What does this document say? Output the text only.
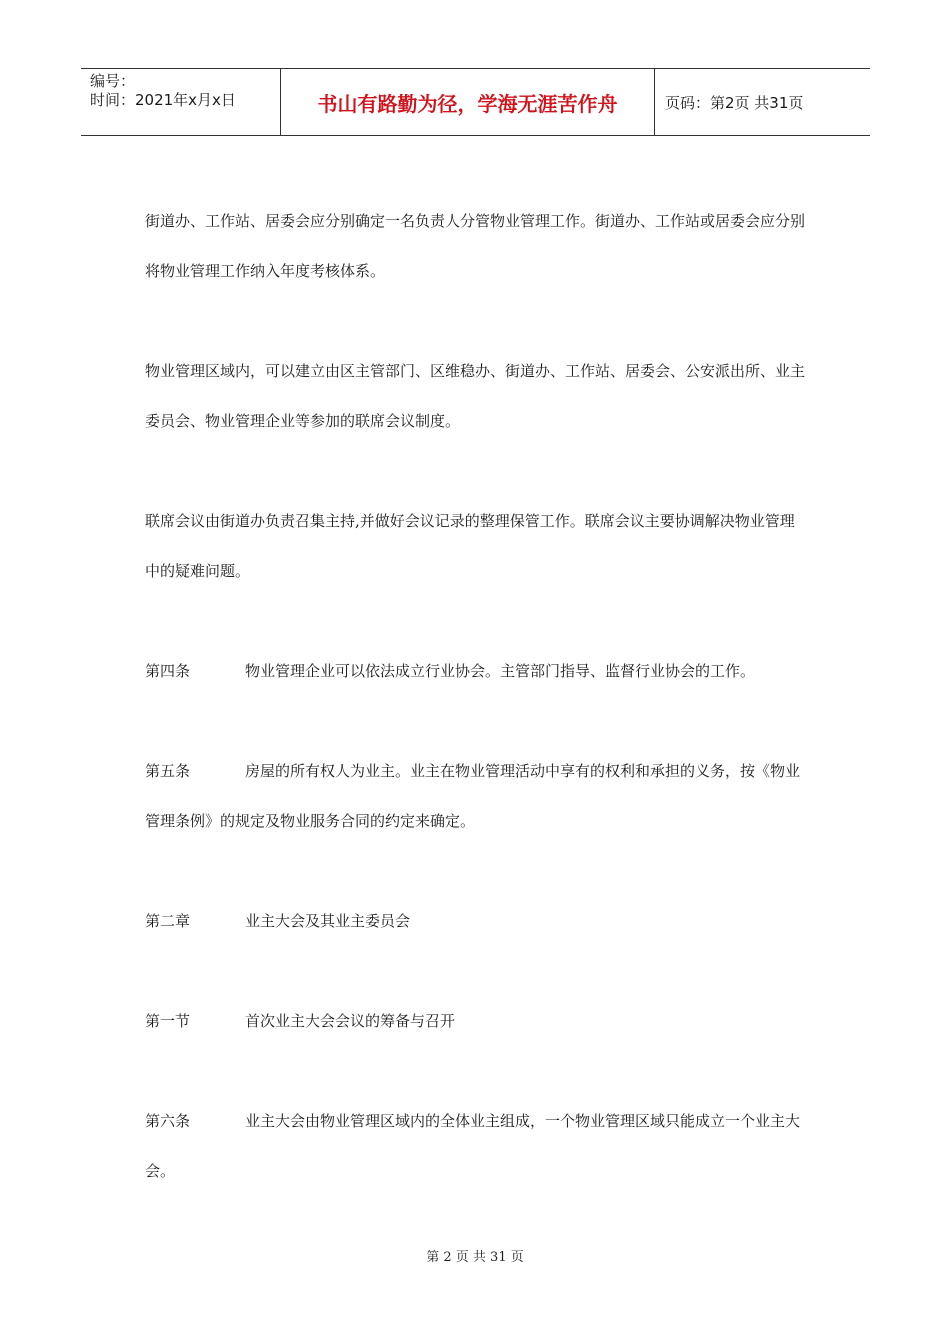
编号：
时间：2021年x月x日	书山有路勤为径，学海无涯苦作舟	页码：第2页 共31页

街道办、工作站、居委会应分别确定一名负责人分管物业管理工作。街道办、工作站或居委会应分别将物业管理工作纳入年度考核体系。

物业管理区域内，可以建立由区主管部门、区维稳办、街道办、工作站、居委会、公安派出所、业主委员会、物业管理企业等参加的联席会议制度。

联席会议由街道办负责召集主持,并做好会议记录的整理保管工作。联席会议主要协调解决物业管理中的疑难问题。

第四条	物业管理企业可以依法成立行业协会。主管部门指导、监督行业协会的工作。

第五条	房屋的所有权人为业主。业主在物业管理活动中享有的权利和承担的义务，按《物业管理条例》的规定及物业服务合同的约定来确定。

第二章	业主大会及其业主委员会

第一节	首次业主大会会议的筹备与召开

第六条	业主大会由物业管理区域内的全体业主组成，一个物业管理区域只能成立一个业主大会。

第 2 页 共 31 页
